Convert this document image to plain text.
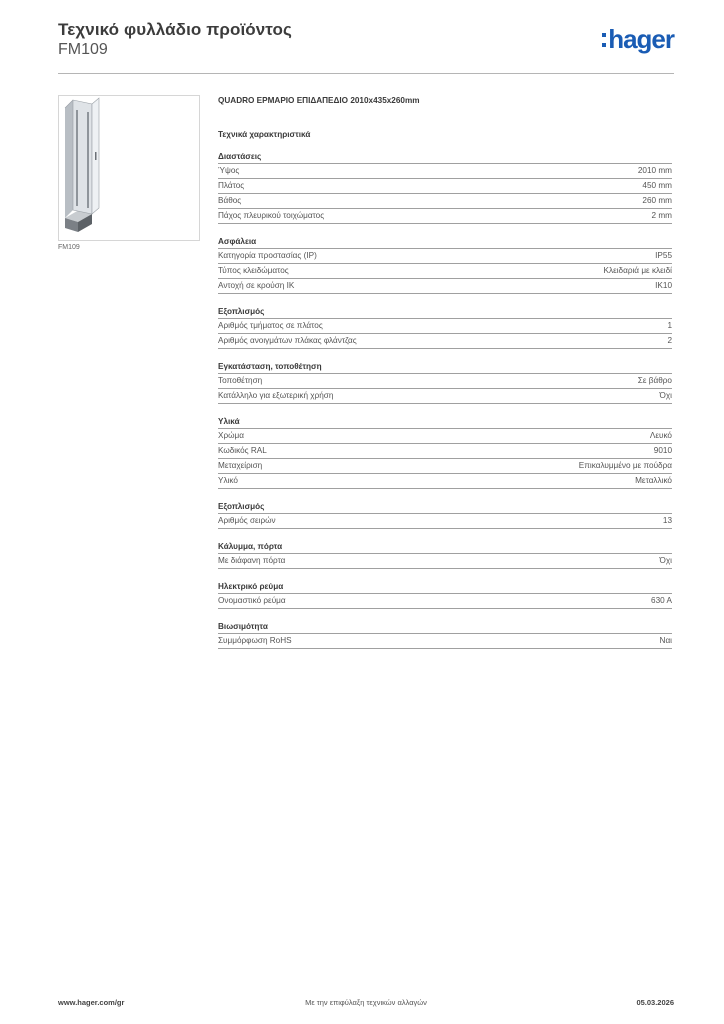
Τεχνικό φυλλάδιο προϊόντος
FM109	hager
FM109
QUADRO ΕΡΜΑΡΙΟ ΕΠΙΔΑΠΕΔΙΟ 2010x435x260mm
Τεχνικά χαρακτηριστικά
Διαστάσεις
Ύψος	2010 mm
Πλάτος	450 mm
Βάθος	260 mm
Πάχος πλευρικού τοιχώματος	2 mm
Ασφάλεια
Κατηγορία προστασίας (IP)	IP55
Τύπος κλειδώματος	Κλειδαριά με κλειδί
Αντοχή σε κρούση IK	IK10
Εξοπλισμός
Αριθμός τμήματος σε πλάτος	1
Αριθμός ανοιγμάτων πλάκας φλάντζας	2
Εγκατάσταση, τοποθέτηση
Τοποθέτηση	Σε βάθρο
Κατάλληλο για εξωτερική χρήση	Όχι
Υλικά
Χρώμα	Λευκό
Κωδικός RAL	9010
Μεταχείριση	Επικαλυμμένο με πούδρα
Υλικό	Μεταλλικό
Εξοπλισμός
Αριθμός σειρών	13
Κάλυμμα, πόρτα
Με διάφανη πόρτα	Όχι
Ηλεκτρικό ρεύμα
Ονομαστικό ρεύμα	630 A
Βιωσιμότητα
Συμμόρφωση RoHS	Ναι
www.hager.com/gr	Με την επιφύλαξη τεχνικών αλλαγών	05.03.2026
